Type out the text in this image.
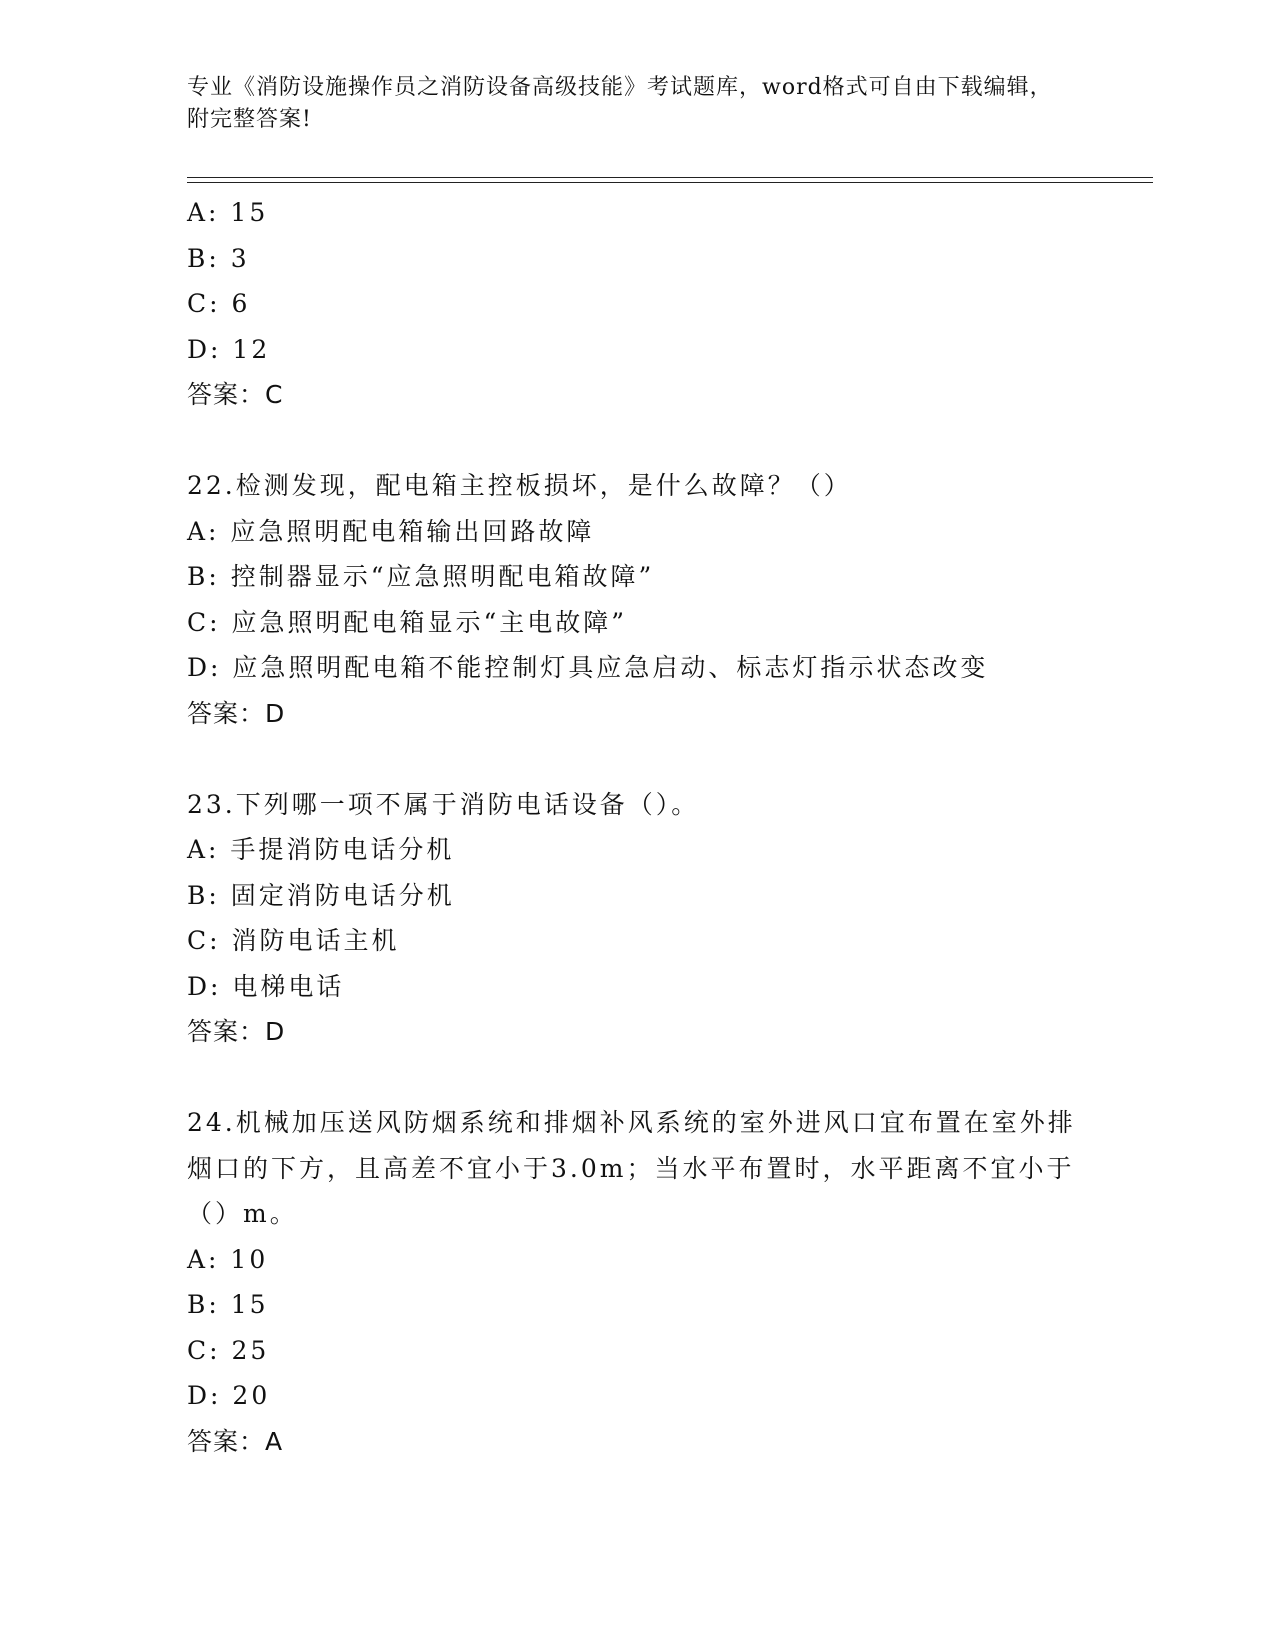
专业《消防设施操作员之消防设备高级技能》考试题库，word格式可自由下载编辑，附完整答案!
A: 15
B: 3
C: 6
D: 12
答案：C
22.检测发现，配电箱主控板损坏，是什么故障？（）
A: 应急照明配电箱输出回路故障
B: 控制器显示“应急照明配电箱故障”
C: 应急照明配电箱显示“主电故障”
D: 应急照明配电箱不能控制灯具应急启动、标志灯指示状态改变
答案：D
23.下列哪一项不属于消防电话设备（）。
A: 手提消防电话分机
B: 固定消防电话分机
C: 消防电话主机
D: 电梯电话
答案：D
24.机械加压送风防烟系统和排烟补风系统的室外进风口宜布置在室外排烟口的下方，且高差不宜小于3.0m；当水平布置时，水平距离不宜小于（）m。
A: 10
B: 15
C: 25
D: 20
答案：A
